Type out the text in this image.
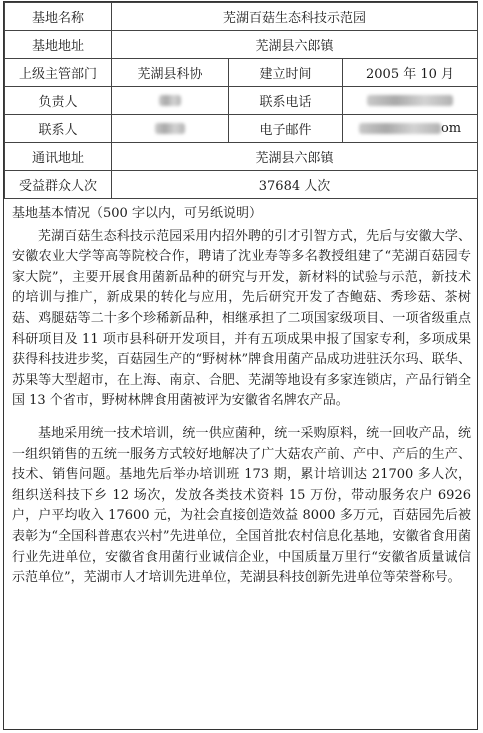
基地名称	芜湖百菇生态科技示范园		
基地地址	芜湖县六郎镇		
上级主管部门	芜湖县科协	建立时间	2005 年 10 月
负责人		联系电话	
联系人		电子邮件	om
通讯地址	芜湖县六郎镇		
受益群众人次	37684 人次		
基地基本情况（500 字以内，可另纸说明）

芜湖百菇生态科技示范园采用内招外聘的引才引智方式，先后与安徽大学、安徽农业大学等高等院校合作，聘请了沈业寿等多名教授组建了“芜湖百菇园专家大院”，主要开展食用菌新品种的研究与开发，新材料的试验与示范，新技术的培训与推广，新成果的转化与应用，先后研究开发了杏鲍菇、秀珍菇、茶树菇、鸡腿菇等二十多个珍稀新品种，相继承担了二项国家级项目、一项省级重点科研项目及 11 项市县科研开发项目，并有五项成果申报了国家专利，多项成果获得科技进步奖，百菇园生产的“野树林”牌食用菌产品成功进驻沃尔玛、联华、苏果等大型超市，在上海、南京、合肥、芜湖等地设有多家连锁店，产品行销全国 13 个省市，野树林牌食用菌被评为安徽省名牌农产品。

基地采用统一技术培训，统一供应菌种，统一采购原料，统一回收产品，统一组织销售的五统一服务方式较好地解决了广大菇农产前、产中、产后的生产、技术、销售问题。基地先后举办培训班 173 期，累计培训达 21700 多人次，组织送科技下乡 12 场次，发放各类技术资料 15 万份，带动服务农户 6926 户，户平均收入 17600 元，为社会直接创造效益 8000 多万元，百菇园先后被表彰为“全国科普惠农兴村”先进单位，全国首批农村信息化基地，安徽省食用菌行业先进单位，安徽省食用菌行业诚信企业，中国质量万里行“安徽省质量诚信示范单位”，芜湖市人才培训先进单位，芜湖县科技创新先进单位等荣誉称号。
